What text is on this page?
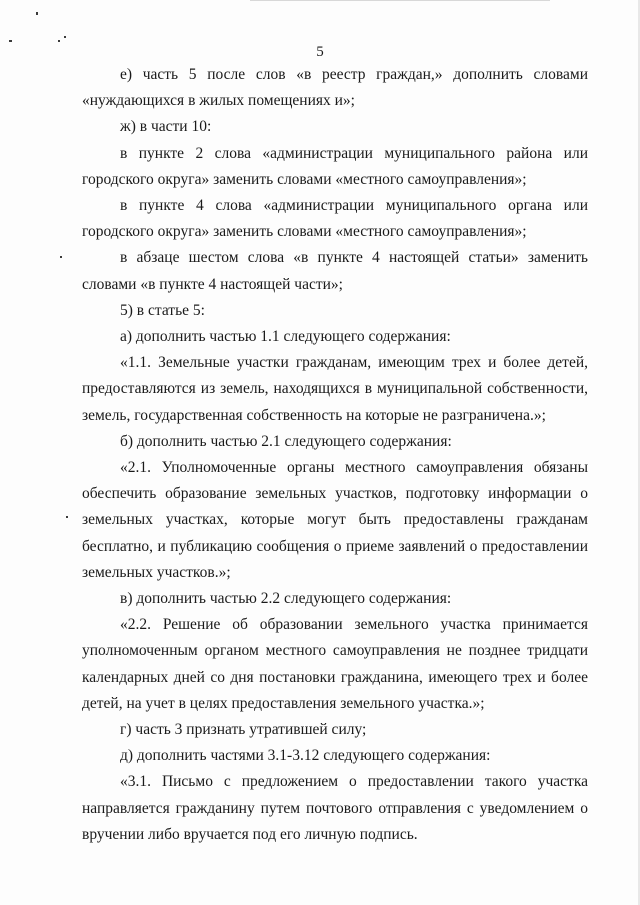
5

е) часть 5 после слов «в реестр граждан,» дополнить словами «нуждающихся в жилых помещениях и»;

ж) в части 10:

в пункте 2 слова «администрации муниципального района или городского округа» заменить словами «местного самоуправления»;

в пункте 4 слова «администрации муниципального органа или городского округа» заменить словами «местного самоуправления»;

в абзаце шестом слова «в пункте 4 настоящей статьи» заменить словами «в пункте 4 настоящей части»;

5) в статье 5:

а) дополнить частью 1.1 следующего содержания:

«1.1. Земельные участки гражданам, имеющим трех и более детей, предоставляются из земель, находящихся в муниципальной собственности, земель, государственная собственность на которые не разграничена.»;

б) дополнить частью 2.1 следующего содержания:

«2.1. Уполномоченные органы местного самоуправления обязаны обеспечить образование земельных участков, подготовку информации о земельных участках, которые могут быть предоставлены гражданам бесплатно, и публикацию сообщения о приеме заявлений о предоставлении земельных участков.»;

в) дополнить частью 2.2 следующего содержания:

«2.2. Решение об образовании земельного участка принимается уполномоченным органом местного самоуправления не позднее тридцати календарных дней со дня постановки гражданина, имеющего трех и более детей, на учет в целях предоставления земельного участка.»;

г) часть 3 признать утратившей силу;

д) дополнить частями 3.1-3.12 следующего содержания:

«3.1. Письмо с предложением о предоставлении такого участка направляется гражданину путем почтового отправления с уведомлением о вручении либо вручается под его личную подпись.
